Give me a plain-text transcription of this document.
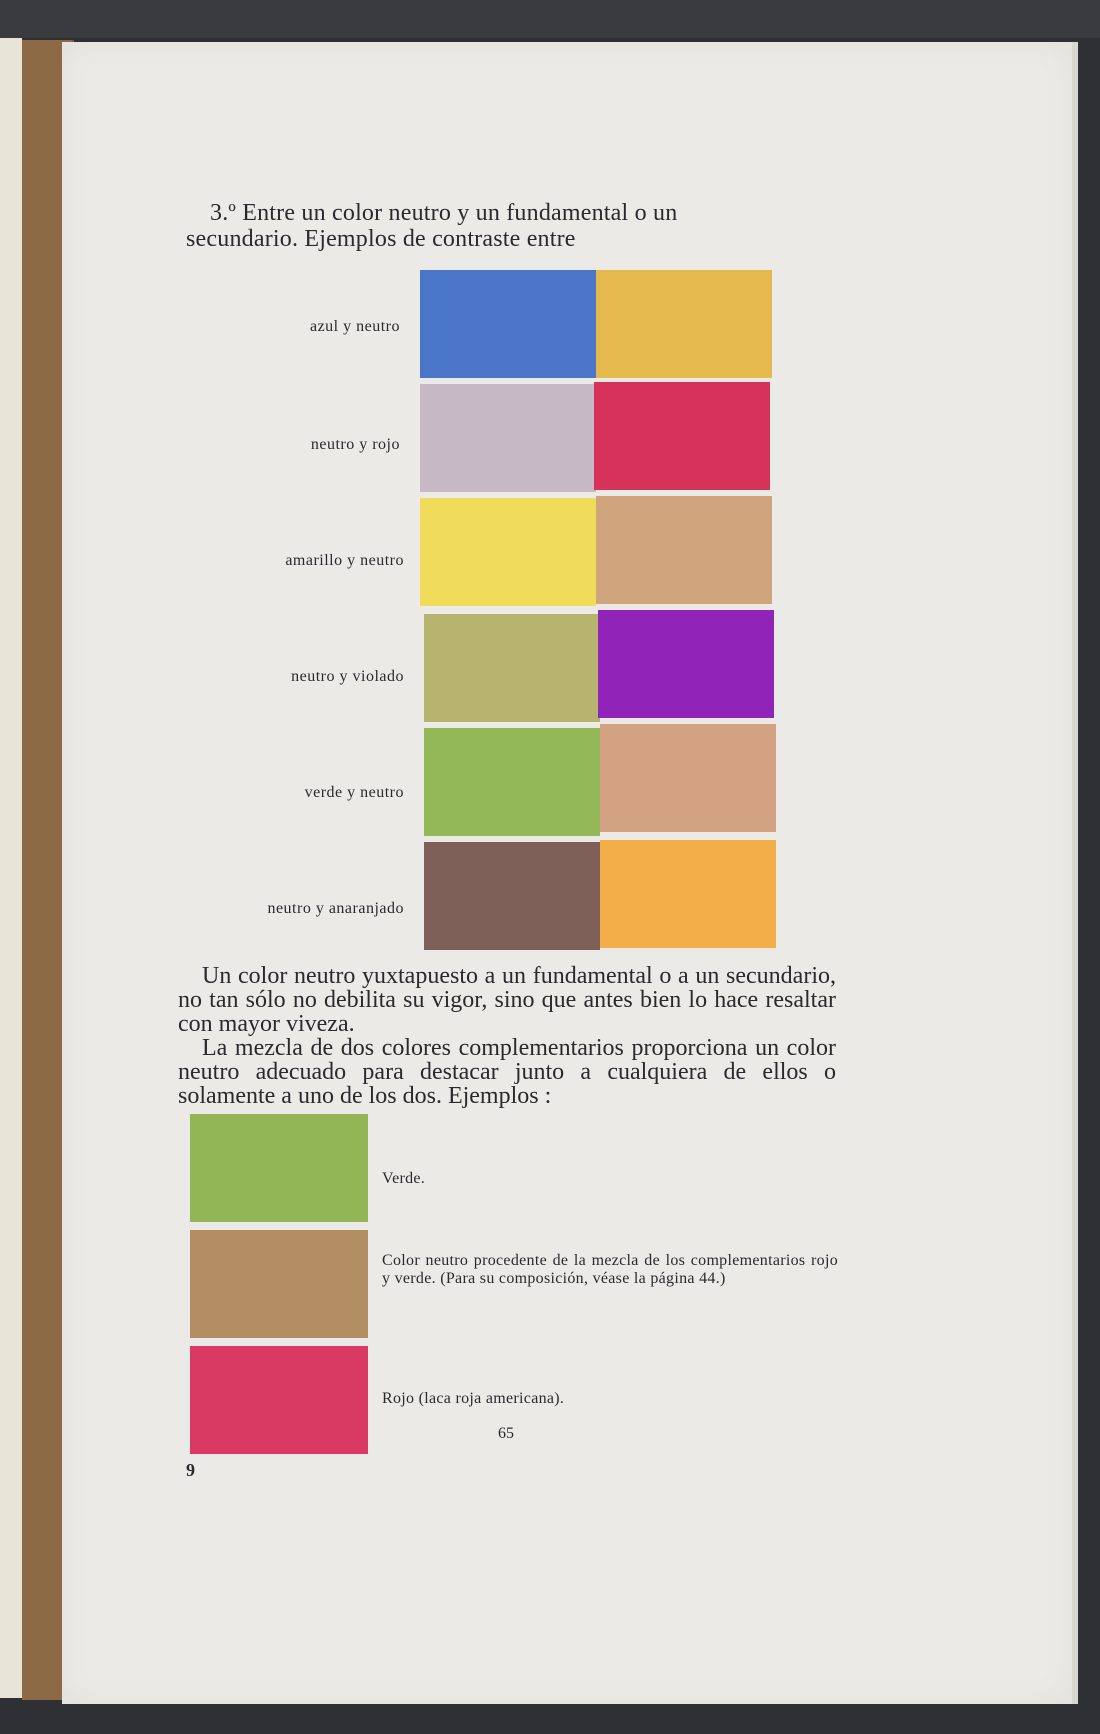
3.º Entre un color neutro y un fundamental o un
secundario. Ejemplos de contraste entre
azul y neutro
neutro y rojo
amarillo y neutro
neutro y violado
verde y neutro
neutro y anaranjado

Un color neutro yuxtapuesto a un fundamental o a un secundario, no tan sólo no debilita su vigor, sino que antes bien lo hace resaltar con mayor viveza.

La mezcla de dos colores complementarios proporciona un color neutro adecuado para destacar junto a cualquiera de ellos o solamente a uno de los dos. Ejemplos :

Verde.
Color neutro procedente de la mezcla de los complementarios rojo y verde. (Para su composición, véase la página 44.)
Rojo (laca roja americana).
65
9
